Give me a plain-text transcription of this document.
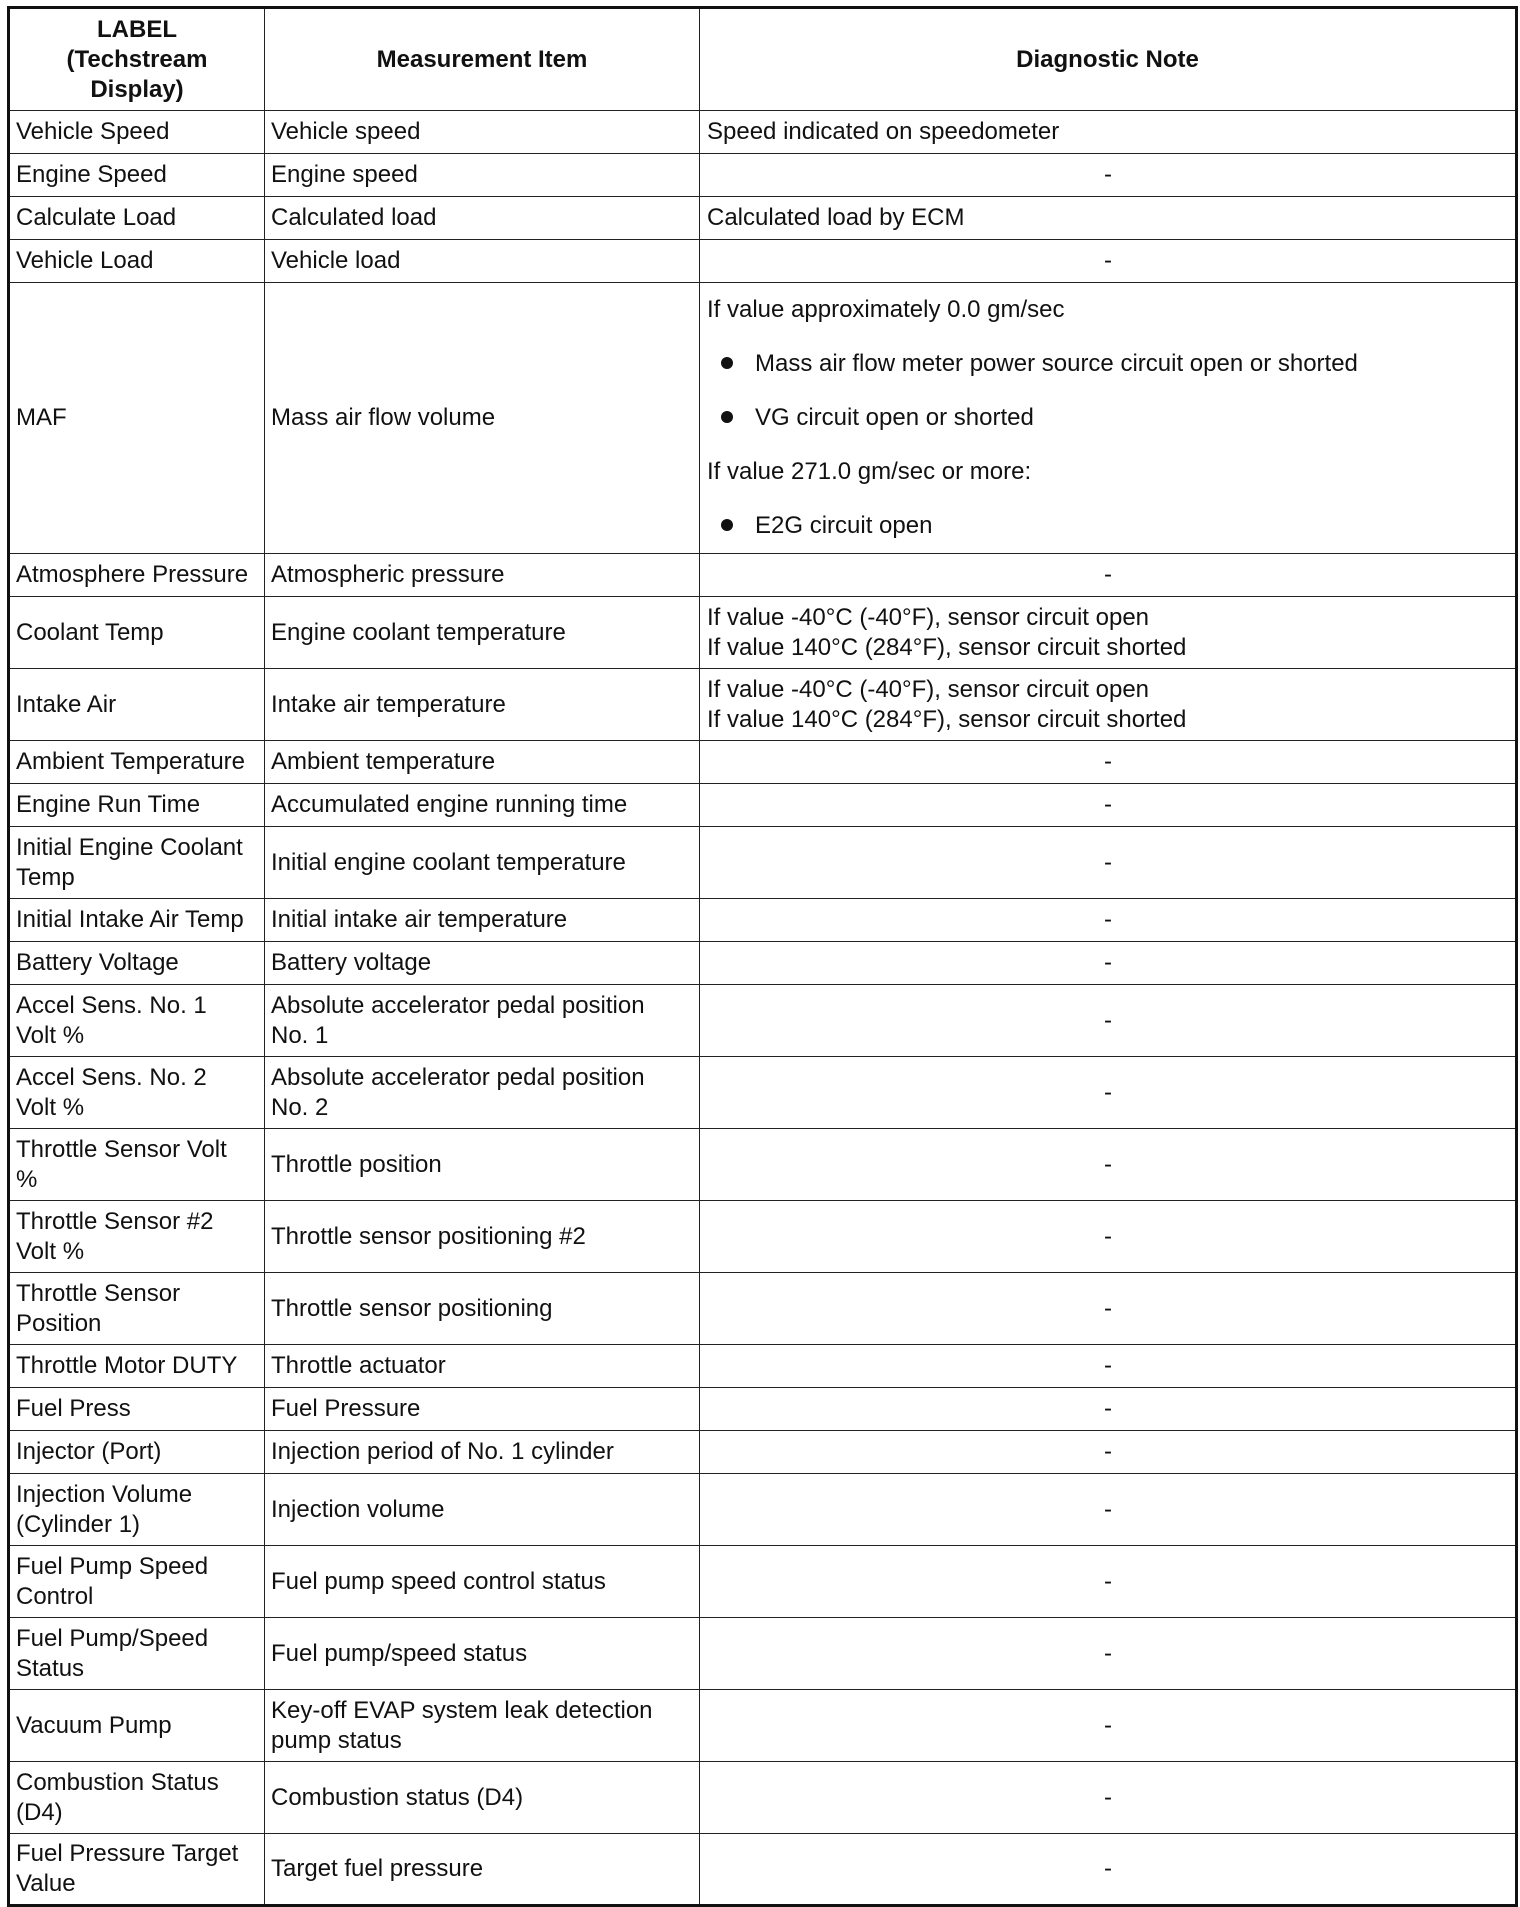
LABEL
(Techstream
Display)	Measurement Item	Diagnostic Note

Vehicle Speed	Vehicle speed	Speed indicated on speedometer

Engine Speed	Engine speed	-

Calculate Load	Calculated load	Calculated load by ECM

Vehicle Load	Vehicle load	-

MAF	Mass air flow volume	If value approximately 0.0 gm/sec
Mass air flow meter power source circuit open or shorted
VG circuit open or shorted
If value 271.0 gm/sec or more:
E2G circuit open

Atmosphere Pressure	Atmospheric pressure	-

Coolant Temp	Engine coolant temperature	If value -40°C (-40°F), sensor circuit open
If value 140°C (284°F), sensor circuit shorted

Intake Air	Intake air temperature	If value -40°C (-40°F), sensor circuit open
If value 140°C (284°F), sensor circuit shorted

Ambient Temperature	Ambient temperature	-

Engine Run Time	Accumulated engine running time	-

Initial Engine Coolant
Temp	Initial engine coolant temperature	-

Initial Intake Air Temp	Initial intake air temperature	-

Battery Voltage	Battery voltage	-

Accel Sens. No. 1
Volt %	Absolute accelerator pedal position
No. 1	-

Accel Sens. No. 2
Volt %	Absolute accelerator pedal position
No. 2	-

Throttle Sensor Volt
%	Throttle position	-

Throttle Sensor #2
Volt %	Throttle sensor positioning #2	-

Throttle Sensor
Position	Throttle sensor positioning	-

Throttle Motor DUTY	Throttle actuator	-

Fuel Press	Fuel Pressure	-

Injector (Port)	Injection period of No. 1 cylinder	-

Injection Volume
(Cylinder 1)	Injection volume	-

Fuel Pump Speed
Control	Fuel pump speed control status	-

Fuel Pump/Speed
Status	Fuel pump/speed status	-

Vacuum Pump	Key-off EVAP system leak detection
pump status	-

Combustion Status
(D4)	Combustion status (D4)	-

Fuel Pressure Target
Value	Target fuel pressure	-
